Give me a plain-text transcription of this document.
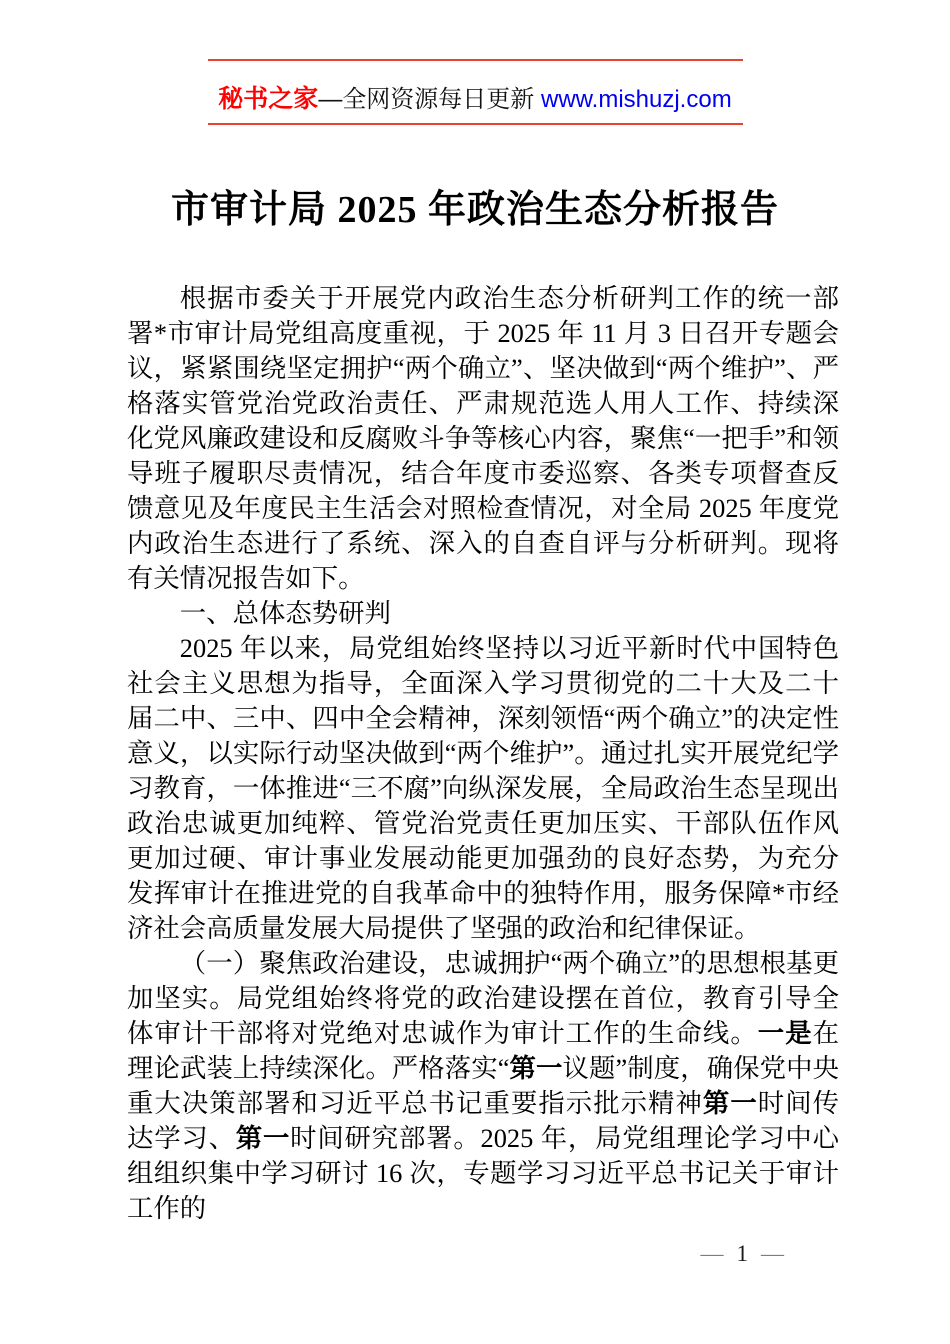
秘书之家—全网资源每日更新 www.mishuzj.com
市审计局 2025 年政治生态分析报告

根据市委关于开展党内政治生态分析研判工作的统一部署*市审计局党组高度重视，于 2025 年 11 月 3 日召开专题会议，紧紧围绕坚定拥护“两个确立”、坚决做到“两个维护”、严格落实管党治党政治责任、严肃规范选人用人工作、持续深化党风廉政建设和反腐败斗争等核心内容，聚焦“一把手”和领导班子履职尽责情况，结合年度市委巡察、各类专项督查反馈意见及年度民主生活会对照检查情况，对全局 2025 年度党内政治生态进行了系统、深入的自查自评与分析研判。现将有关情况报告如下。

一、总体态势研判

2025 年以来，局党组始终坚持以习近平新时代中国特色社会主义思想为指导，全面深入学习贯彻党的二十大及二十届二中、三中、四中全会精神，深刻领悟“两个确立”的决定性意义，以实际行动坚决做到“两个维护”。通过扎实开展党纪学习教育，一体推进“三不腐”向纵深发展，全局政治生态呈现出政治忠诚更加纯粹、管党治党责任更加压实、干部队伍作风更加过硬、审计事业发展动能更加强劲的良好态势，为充分发挥审计在推进党的自我革命中的独特作用，服务保障*市经济社会高质量发展大局提供了坚强的政治和纪律保证。

（一）聚焦政治建设，忠诚拥护“两个确立”的思想根基更加坚实。局党组始终将党的政治建设摆在首位，教育引导全体审计干部将对党绝对忠诚作为审计工作的生命线。一是在理论武装上持续深化。严格落实“第一议题”制度，确保党中央重大决策部署和习近平总书记重要指示批示精神第一时间传达学习、第一时间研究部署。2025 年，局党组理论学习中心组组织集中学习研讨 16 次，专题学习习近平总书记关于审计工作的

— 1 —
